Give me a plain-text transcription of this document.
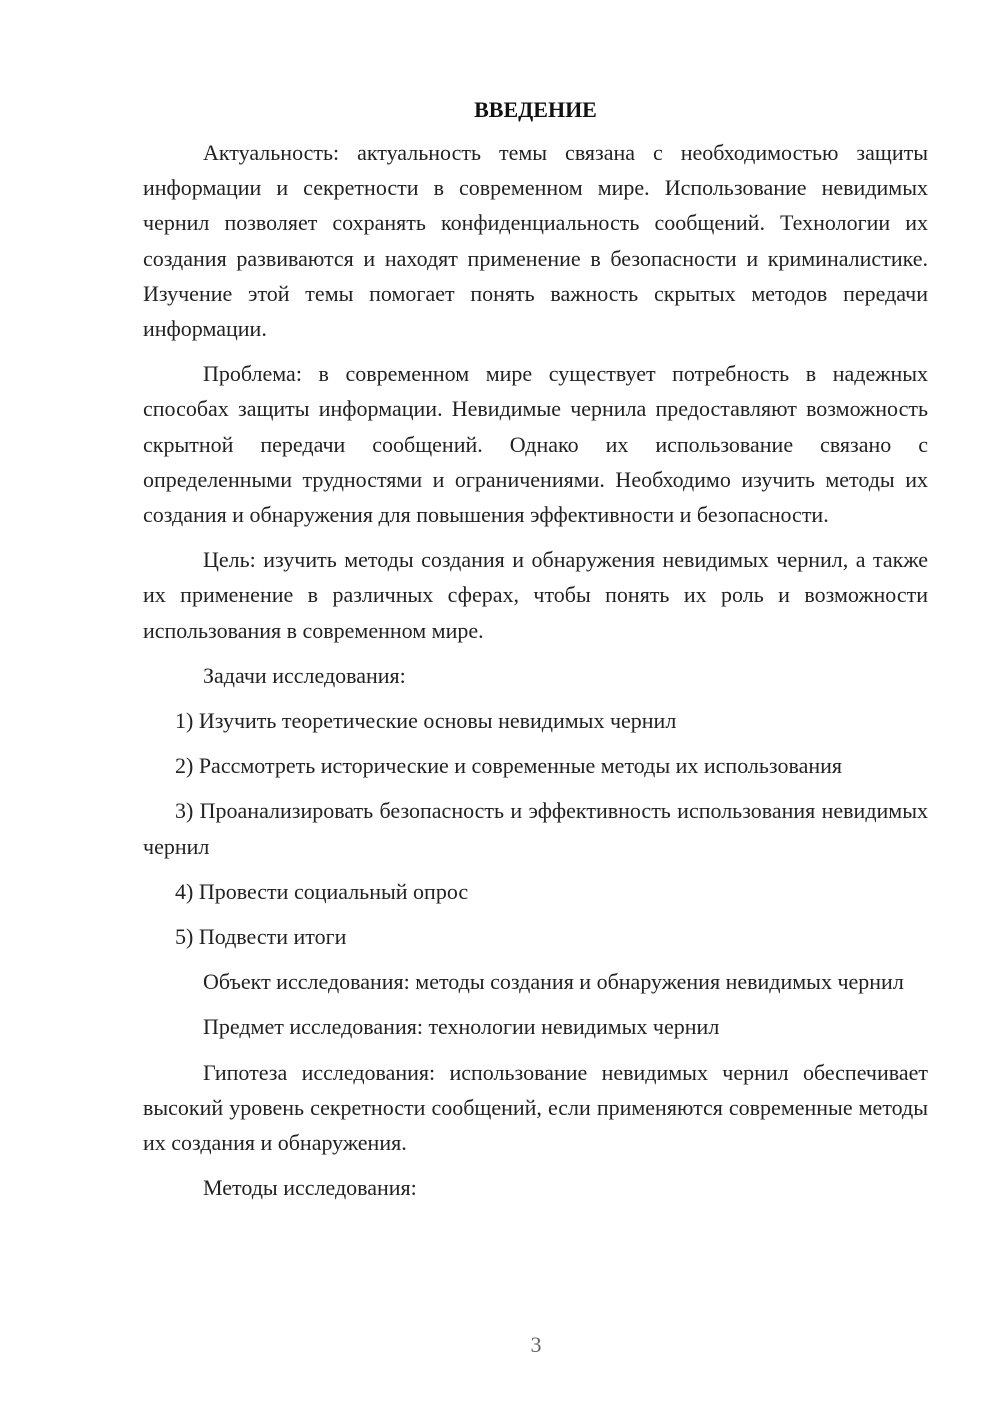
ВВЕДЕНИЕ
Актуальность: актуальность темы связана с необходимостью защиты информации и секретности в современном мире. Использование невидимых чернил позволяет сохранять конфиденциальность сообщений. Технологии их создания развиваются и находят применение в безопасности и криминалистике. Изучение этой темы помогает понять важность скрытых методов передачи информации.
Проблема: в современном мире существует потребность в надежных способах защиты информации. Невидимые чернила предоставляют возможность скрытной передачи сообщений. Однако их использование связано с определенными трудностями и ограничениями. Необходимо изучить методы их создания и обнаружения для повышения эффективности и безопасности.
Цель: изучить методы создания и обнаружения невидимых чернил, а также их применение в различных сферах, чтобы понять их роль и возможности использования в современном мире.
Задачи исследования:
1) Изучить теоретические основы невидимых чернил
2) Рассмотреть исторические и современные методы их использования
3) Проанализировать безопасность и эффективность использования невидимых чернил
4) Провести социальный опрос
5) Подвести итоги
Объект исследования: методы создания и обнаружения невидимых чернил
Предмет исследования: технологии невидимых чернил
Гипотеза исследования: использование невидимых чернил обеспечивает высокий уровень секретности сообщений, если применяются современные методы их создания и обнаружения.
Методы исследования:
3
